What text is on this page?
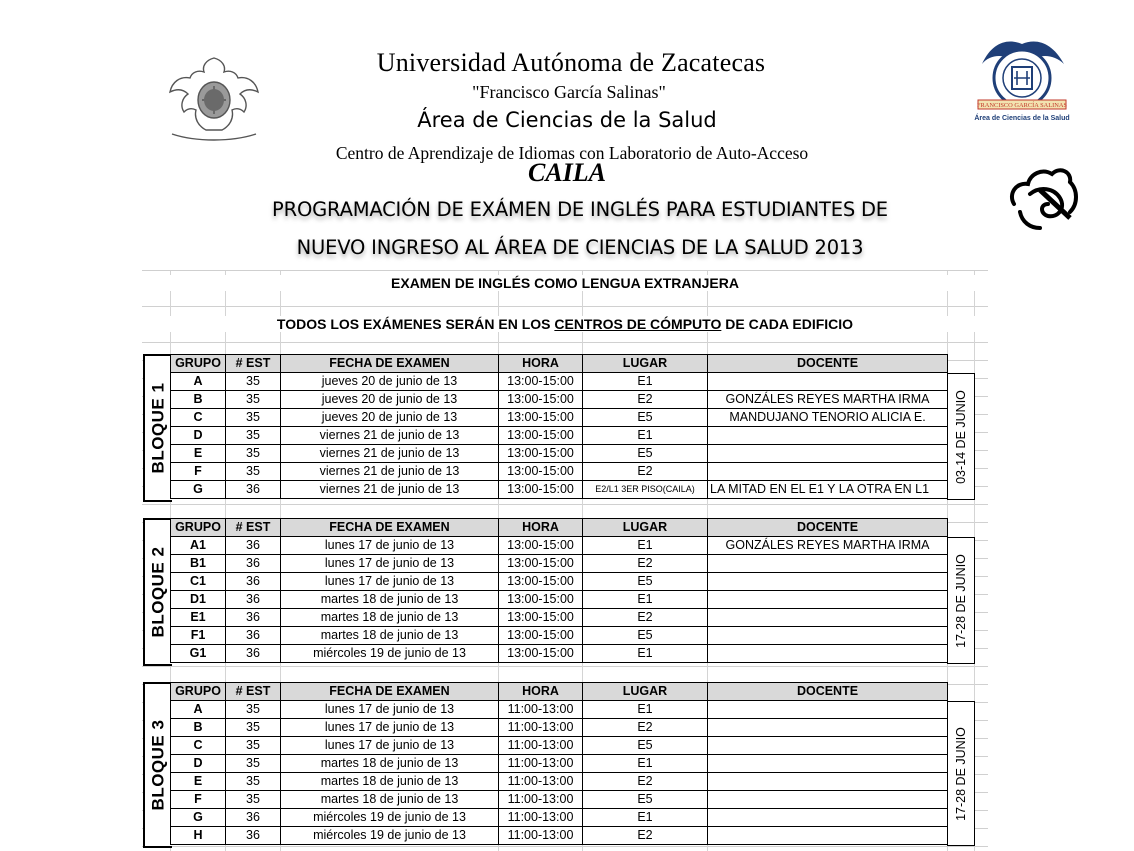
FRANCISCO GARCÍA SALINAS
Área de Ciencias de la Salud
Universidad Autónoma de Zacatecas
"Francisco García Salinas"
Área de Ciencias de la Salud
Centro de Aprendizaje de Idiomas con Laboratorio de Auto-Acceso
CAILA
PROGRAMACIÓN DE EXÁMEN DE INGLÉS PARA ESTUDIANTES DE
NUEVO INGRESO AL ÁREA DE CIENCIAS DE LA SALUD 2013
EXAMEN DE INGLÉS COMO LENGUA EXTRANJERA
TODOS LOS EXÁMENES SERÁN EN LOS CENTROS DE CÓMPUTO DE CADA EDIFICIO
BLOQUE 1
GRUPO	# EST	FECHA DE EXAMEN	HORA	LUGAR	DOCENTE
A	35	jueves 20 de junio de 13	13:00-15:00	E1	
B	35	jueves 20 de junio de 13	13:00-15:00	E2	GONZÁLES REYES MARTHA IRMA
C	35	jueves 20 de junio de 13	13:00-15:00	E5	MANDUJANO TENORIO ALICIA E.
D	35	viernes 21 de junio de 13	13:00-15:00	E1	
E	35	viernes 21 de junio de 13	13:00-15:00	E5	
F	35	viernes 21 de junio de 13	13:00-15:00	E2	
G	36	viernes 21 de junio de 13	13:00-15:00	E2/L1 3ER PISO(CAILA)	LA MITAD EN EL E1 Y LA OTRA EN L1
03-14 DE JUNIO
BLOQUE 2
GRUPO	# EST	FECHA DE EXAMEN	HORA	LUGAR	DOCENTE
A1	36	lunes 17 de junio de 13	13:00-15:00	E1	GONZÁLES REYES MARTHA IRMA
B1	36	lunes 17 de junio de 13	13:00-15:00	E2	
C1	36	lunes 17 de junio de 13	13:00-15:00	E5	
D1	36	martes 18 de junio de 13	13:00-15:00	E1	
E1	36	martes 18 de junio de 13	13:00-15:00	E2	
F1	36	martes 18 de junio de 13	13:00-15:00	E5	
G1	36	miércoles 19 de junio de 13	13:00-15:00	E1	
17-28 DE JUNIO
BLOQUE 3
GRUPO	# EST	FECHA DE EXAMEN	HORA	LUGAR	DOCENTE
A	35	lunes 17 de junio de 13	11:00-13:00	E1	
B	35	lunes 17 de junio de 13	11:00-13:00	E2	
C	35	lunes 17 de junio de 13	11:00-13:00	E5	
D	35	martes 18 de junio de 13	11:00-13:00	E1	
E	35	martes 18 de junio de 13	11:00-13:00	E2	
F	35	martes 18 de junio de 13	11:00-13:00	E5	
G	36	miércoles 19 de junio de 13	11:00-13:00	E1	
H	36	miércoles 19 de junio de 13	11:00-13:00	E2	
17-28 DE JUNIO
